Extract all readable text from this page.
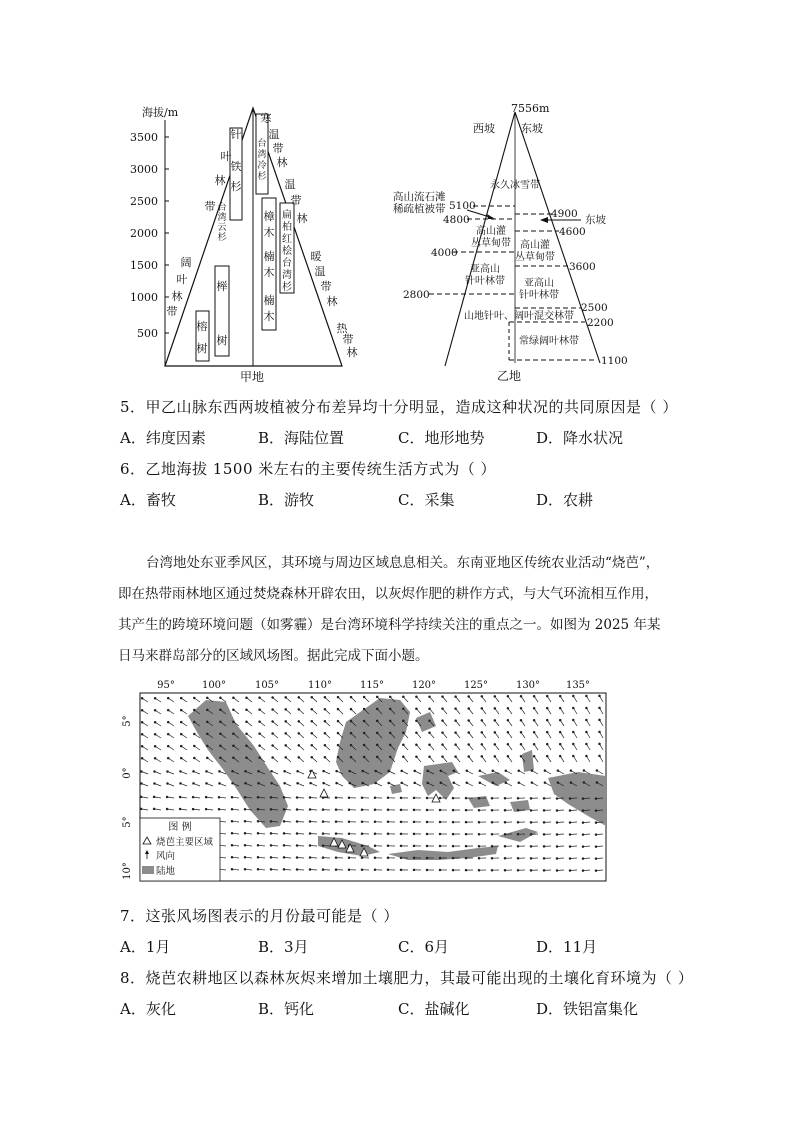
海拔/m
3500
3000
2500
2000
1500
1000
500
针
叶
林
带
铁
杉
台
湾
云
杉
阔
叶
林
带
榉
树
榕
树
寒
温
带
林
台
湾
冷
杉
温
带
林
樟
木
楠
木
楠
木
扁
柏
红
桧
台
湾
杉
暖
温
带
林
热
带
林
甲地
7556m
西坡 东坡
高山流石滩
稀疏植被带 5100
4800
4000
2800
4900 东坡
4600
3600
2500
2200
1100
永久冰雪带
高山灌
丛草甸带 高山灌
丛草甸带
亚高山
针叶林带 亚高山
针叶林带
山地针叶、阔叶混交林带
常绿阔叶林带
乙地
5．甲乙山脉东西两坡植被分布差异均十分明显，造成这种状况的共同原因是（ ）
A．纬度因素	B．海陆位置	C．地形地势	D．降水状况
6．乙地海拔 1500 米左右的主要传统生活方式为（ ）
A．畜牧	B．游牧	C．采集	D．农耕
台湾地处东亚季风区，其环境与周边区域息息相关。东南亚地区传统农业活动“烧芭”，
即在热带雨林地区通过焚烧森林开辟农田，以灰烬作肥的耕作方式，与大气环流相互作用，
其产生的跨境环境问题（如雾霾）是台湾环境科学持续关注的重点之一。如图为 2025 年某
日马来群岛部分的区域风场图。据此完成下面小题。
95°	100°	105°	110°	115°	120°	125°	130°	135°
5°
0°
5°
10°
图 例
烧芭主要区域
风向
陆地
7．这张风场图表示的月份最可能是（ ）
A．1月	B．3月	C．6月	D．11月
8．烧芭农耕地区以森林灰烬来增加土壤肥力，其最可能出现的土壤化育环境为（ ）
A．灰化	B．钙化	C．盐碱化	D．铁铝富集化
